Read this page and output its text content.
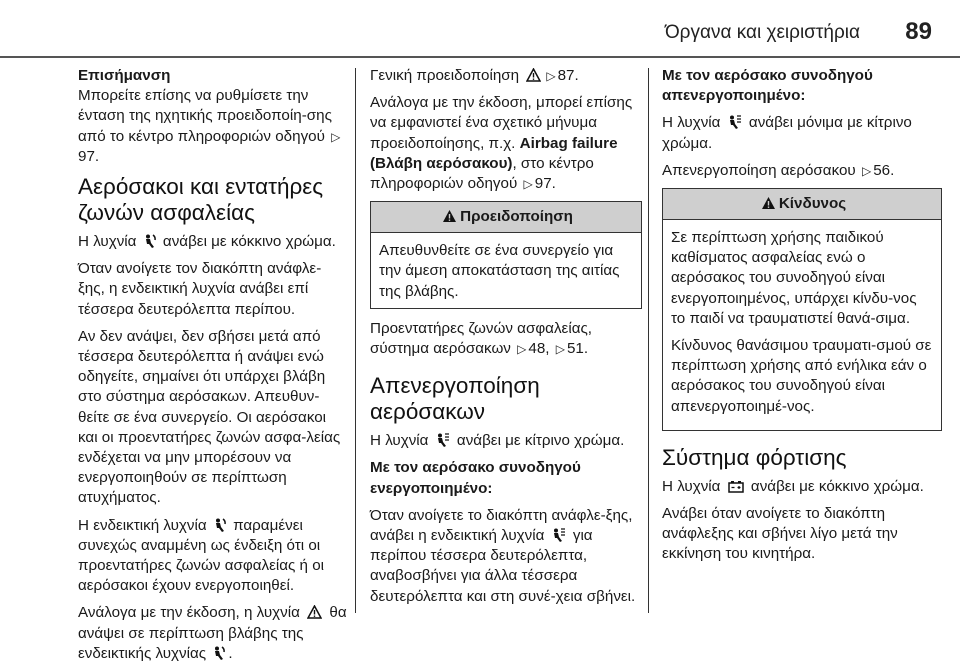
Όργανα και χειριστήρια 89

Επισήμανση
Μπορείτε επίσης να ρυθμίσετε την ένταση της ηχητικής προειδοποίη-σης από το κέντρο πληροφοριών οδηγού ▷97.

Αερόσακοι και εντατήρες ζωνών ασφαλείας

Η λυχνία ανάβει με κόκκινο χρώμα.

Όταν ανοίγετε τον διακόπτη ανάφλε-ξης, η ενδεικτική λυχνία ανάβει επί τέσσερα δευτερόλεπτα περίπου.

Αν δεν ανάψει, δεν σβήσει μετά από τέσσερα δευτερόλεπτα ή ανάψει ενώ οδηγείτε, σημαίνει ότι υπάρχει βλάβη στο σύστημα αερόσακων. Απευθυν-θείτε σε ένα συνεργείο. Οι αερόσακοι και οι προεντατήρες ζωνών ασφα-λείας ενδέχεται να μην μπορέσουν να ενεργοποιηθούν σε περίπτωση ατυχήματος.

Η ενδεικτική λυχνία παραμένει συνεχώς αναμμένη ως ένδειξη ότι οι προεντατήρες ζωνών ασφαλείας ή οι αερόσακοι έχουν ενεργοποιηθεί.

Ανάλογα με την έκδοση, η λυχνία θα ανάψει σε περίπτωση βλάβης της ενδεικτικής λυχνίας .

Γενική προειδοποίηση ▷ 87.

Ανάλογα με την έκδοση, μπορεί επίσης να εμφανιστεί ένα σχετικό μήνυμα προειδοποίησης, π.χ. Airbag failure (Βλάβη αερόσακου), στο κέντρο πληροφοριών οδηγού ▷ 97.

Προειδοποίηση
Απευθυνθείτε σε ένα συνεργείο για την άμεση αποκατάσταση της αιτίας της βλάβης.

Προεντατήρες ζωνών ασφαλείας, σύστημα αερόσακων ▷ 48, ▷ 51.

Απενεργοποίηση αερόσακων

Η λυχνία ανάβει με κίτρινο χρώμα.

Με τον αερόσακο συνοδηγού ενεργοποιημένο:

Όταν ανοίγετε το διακόπτη ανάφλε-ξης, ανάβει η ενδεικτική λυχνία για περίπου τέσσερα δευτερόλεπτα, αναβοσβήνει για άλλα τέσσερα δευτερόλεπτα και στη συνέ-χεια σβήνει.

Με τον αερόσακο συνοδηγού απενεργοποιημένο:

Η λυχνία ανάβει μόνιμα με κίτρινο χρώμα.

Απενεργοποίηση αερόσακου ▷ 56.

Κίνδυνος

Σε περίπτωση χρήσης παιδικού καθίσματος ασφαλείας ενώ ο αερόσακος του συνοδηγού είναι ενεργοποιημένος, υπάρχει κίνδυ-νος το παιδί να τραυματιστεί θανά-σιμα.

Κίνδυνος θανάσιμου τραυματι-σμού σε περίπτωση χρήσης από ενήλικα εάν ο αερόσακος του συνοδηγού είναι απενεργοποιημέ-νος.

Σύστημα φόρτισης

Η λυχνία ανάβει με κόκκινο χρώμα.

Ανάβει όταν ανοίγετε το διακόπτη ανάφλεξης και σβήνει λίγο μετά την εκκίνηση του κινητήρα.
